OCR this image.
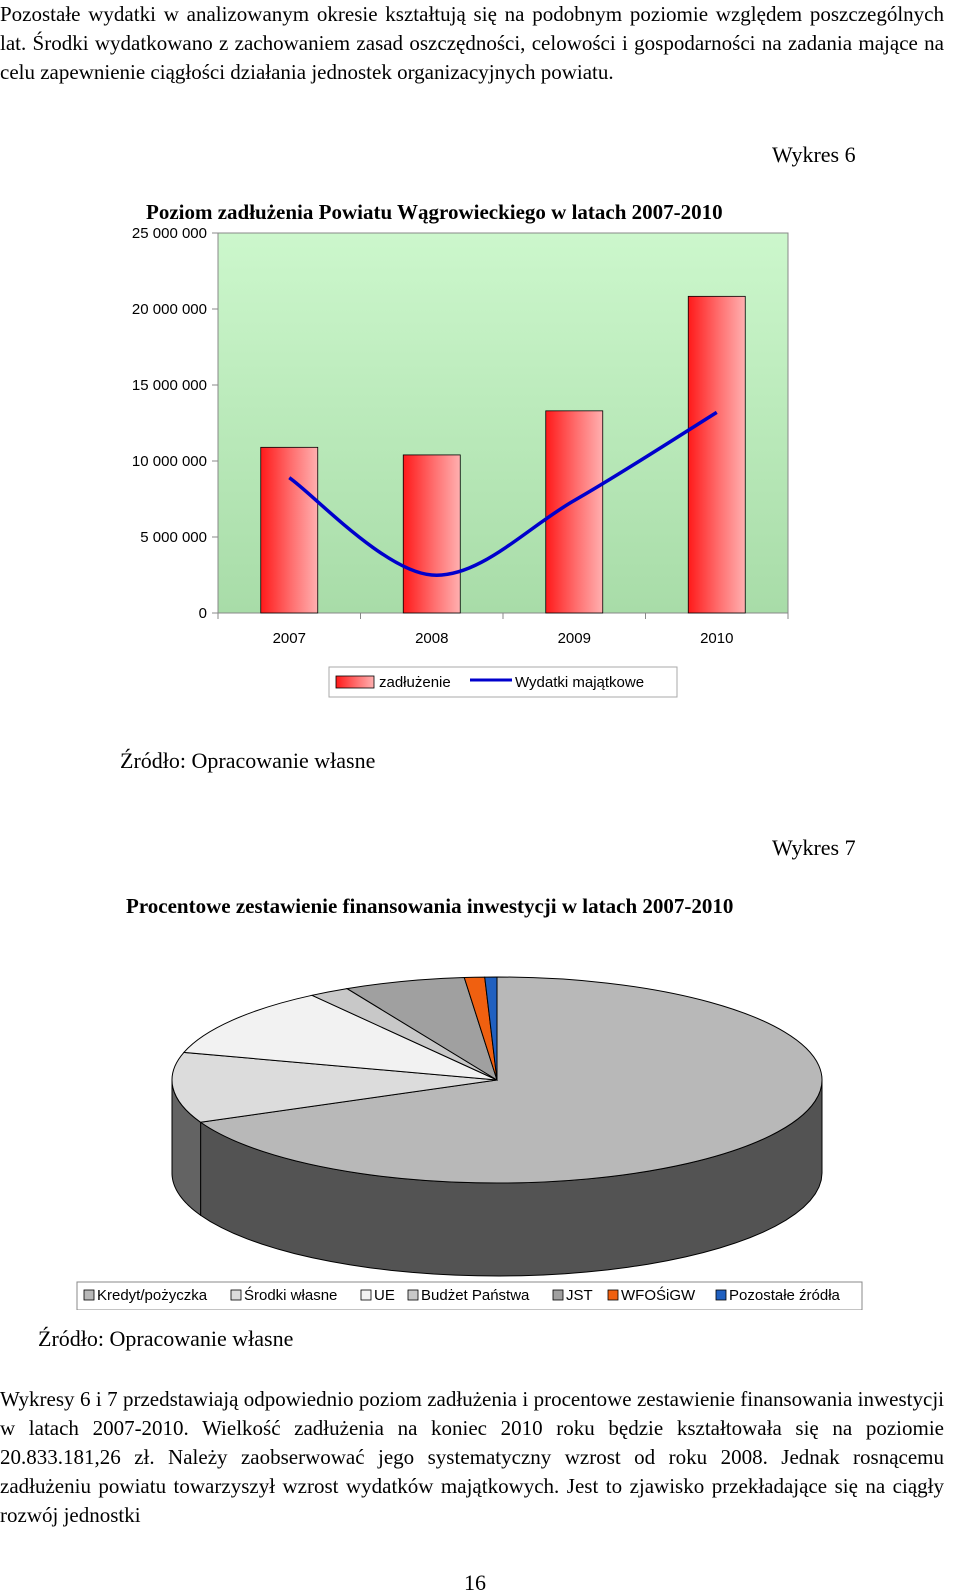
Pozostałe wydatki w analizowanym okresie kształtują się na podobnym poziomie względem poszczególnych lat. Środki wydatkowano z zachowaniem zasad oszczędności, celowości i gospodarności na zadania mające na celu zapewnienie ciągłości działania jednostek organizacyjnych powiatu.
Wykres 6
Poziom zadłużenia Powiatu Wągrowieckiego w latach 2007-2010
0
5 000 000
10 000 000
15 000 000
20 000 000
25 000 000
2007	2008	2009	2010
zadłużenie	Wydatki majątkowe
Źródło: Opracowanie własne
Wykres 7
Procentowe zestawienie finansowania inwestycji w latach 2007-2010
Kredyt/pożyczka Środki własne UE Budżet Państwa JST WFOŚiGW Pozostałe źródła
Źródło: Opracowanie własne
Wykresy 6 i 7 przedstawiają odpowiednio poziom zadłużenia i procentowe zestawienie finansowania inwestycji w latach 2007-2010. Wielkość zadłużenia na koniec 2010 roku będzie kształtowała się na poziomie 20.833.181,26 zł. Należy zaobserwować jego systematyczny wzrost od roku 2008. Jednak rosnącemu zadłużeniu powiatu towarzyszył wzrost wydatków majątkowych. Jest to zjawisko przekładające się na ciągły rozwój jednostki
16
